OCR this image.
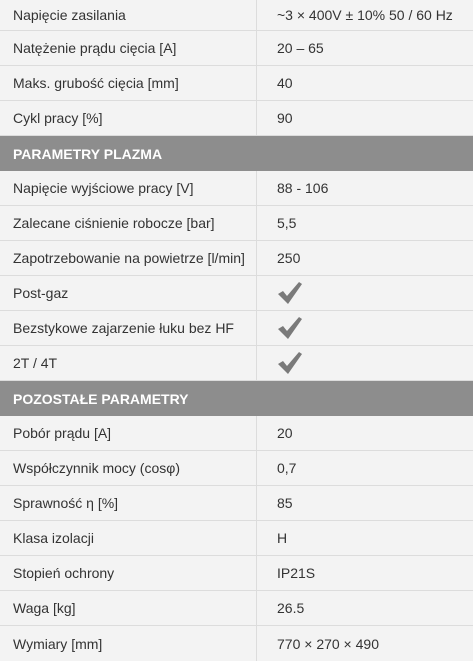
Napięcie zasilania	~3 × 400V ± 10% 50 / 60 Hz
Natężenie prądu cięcia [A]	20 – 65
Maks. grubość cięcia [mm]	40
Cykl pracy [%]	90
PARAMETRY PLAZMA
Napięcie wyjściowe pracy [V]	88 - 106
Zalecane ciśnienie robocze [bar]	5,5
Zapotrzebowanie na powietrze [l/min]	250
Post-gaz
Bezstykowe zajarzenie łuku bez HF
2T / 4T
POZOSTAŁE PARAMETRY
Pobór prądu [A]	20
Współczynnik mocy (cosφ)	0,7
Sprawność η [%]	85
Klasa izolacji	H
Stopień ochrony	IP21S
Waga [kg]	26.5
Wymiary [mm]	770 × 270 × 490
